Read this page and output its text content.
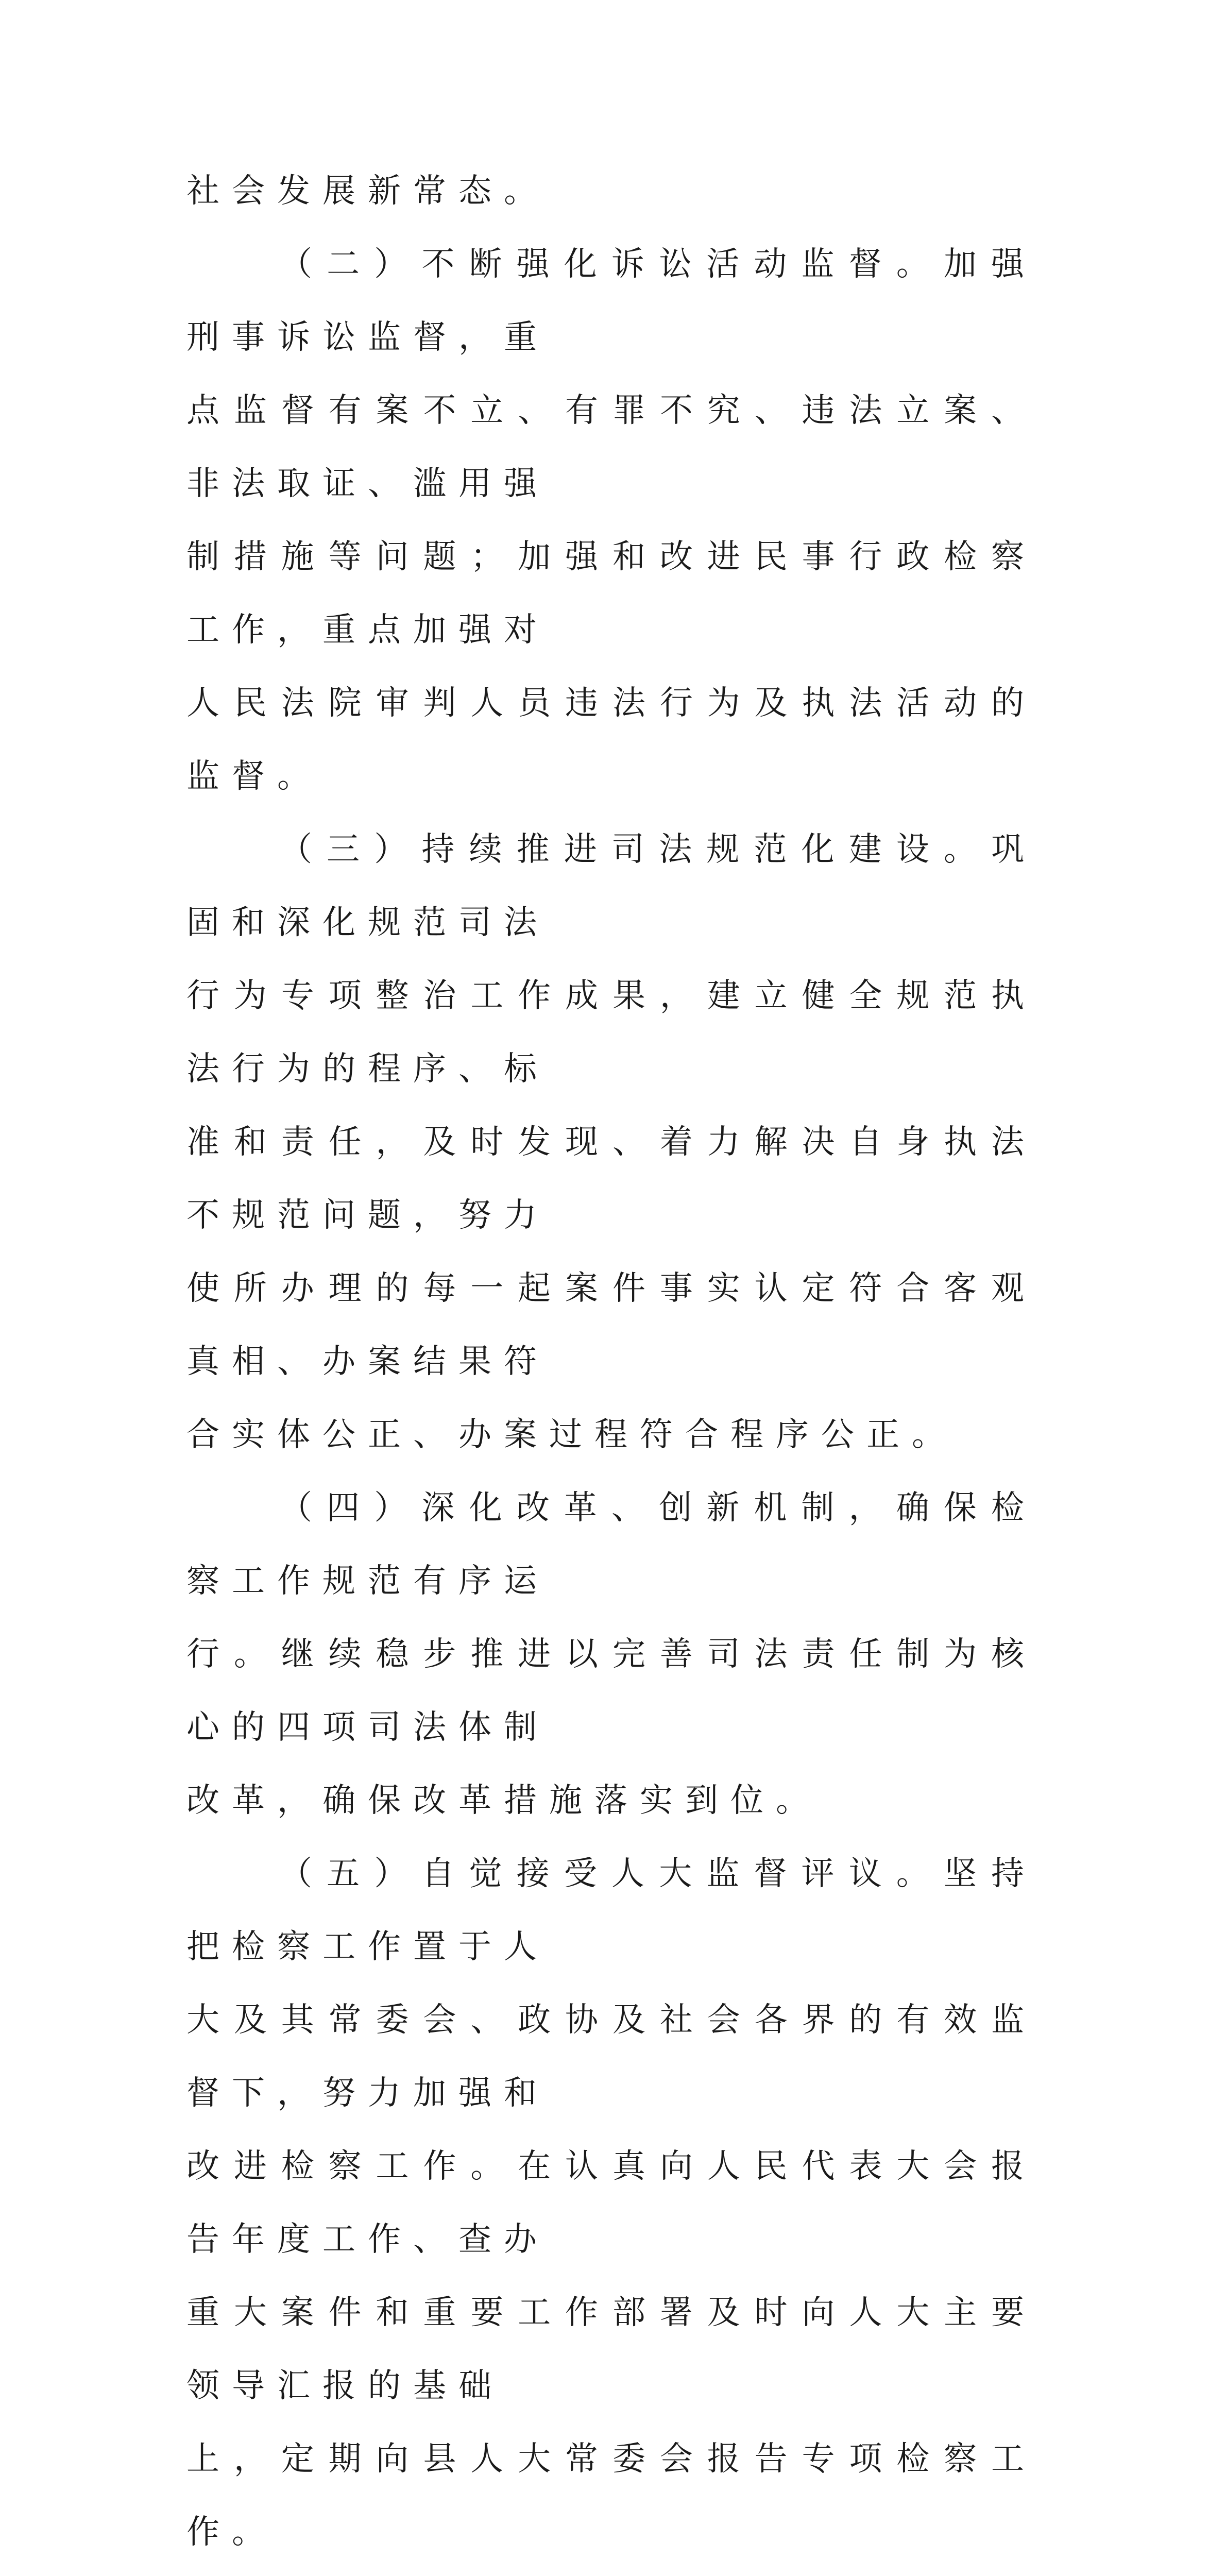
社会发展新常态。
（二）不断强化诉讼活动监督。加强刑事诉讼监督，重
点监督有案不立、有罪不究、违法立案、非法取证、滥用强
制措施等问题；加强和改进民事行政检察工作，重点加强对
人民法院审判人员违法行为及执法活动的监督。
（三）持续推进司法规范化建设。巩固和深化规范司法
行为专项整治工作成果，建立健全规范执法行为的程序、标
准和责任，及时发现、着力解决自身执法不规范问题，努力
使所办理的每一起案件事实认定符合客观真相、办案结果符
合实体公正、办案过程符合程序公正。
（四）深化改革、创新机制，确保检察工作规范有序运
行。继续稳步推进以完善司法责任制为核心的四项司法体制
改革，确保改革措施落实到位。
（五）自觉接受人大监督评议。坚持把检察工作置于人
大及其常委会、政协及社会各界的有效监督下，努力加强和
改进检察工作。在认真向人民代表大会报告年度工作、查办
重大案件和重要工作部署及时向人大主要领导汇报的基础
上，定期向县人大常委会报告专项检察工作。
